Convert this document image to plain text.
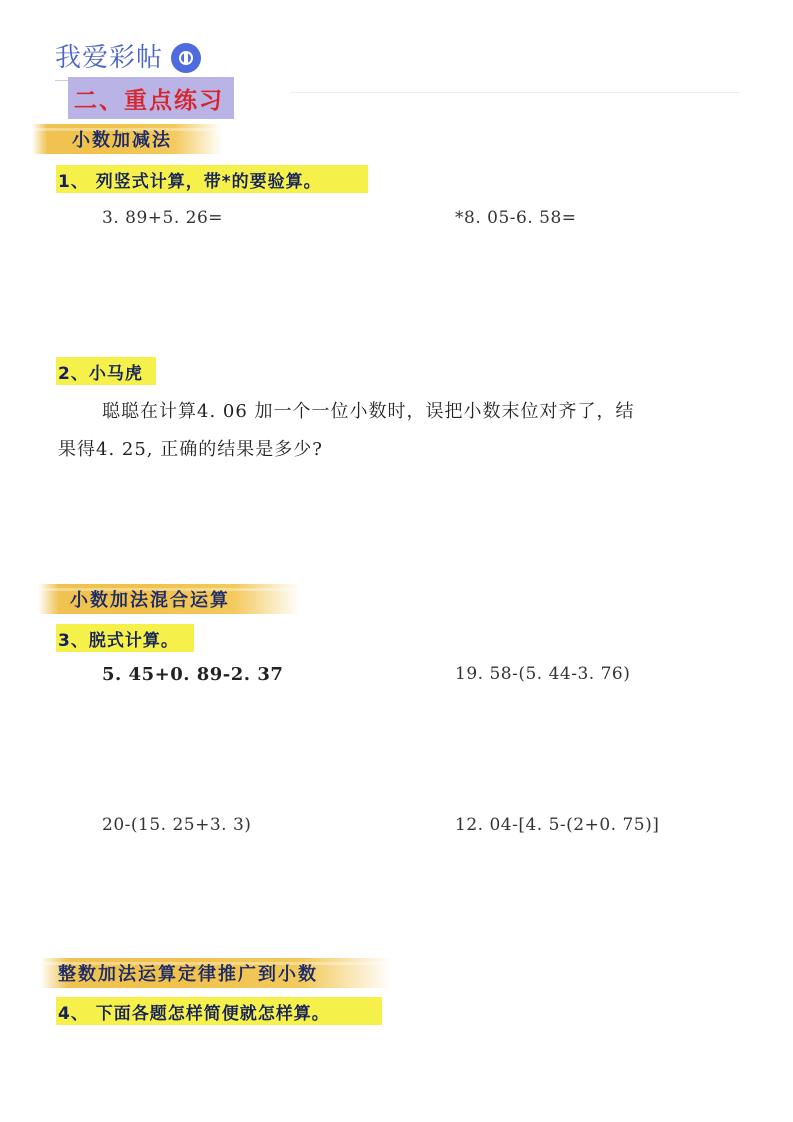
我爱彩帖
二、重点练习
小数加减法
1、 列竖式计算，带*的要验算。
3. 89+5. 26=	*8. 05-6. 58=
2、小马虎
聪聪在计算4. 06 加一个一位小数时，误把小数末位对齐了，结
果得4. 25, 正确的结果是多少?
小数加法混合运算
3、脱式计算。
5. 45+0. 89-2. 37	19. 58-(5. 44-3. 76)
20-(15. 25+3. 3)	12. 04-[4. 5-(2+0. 75)]
整数加法运算定律推广到小数
4、 下面各题怎样简便就怎样算。
